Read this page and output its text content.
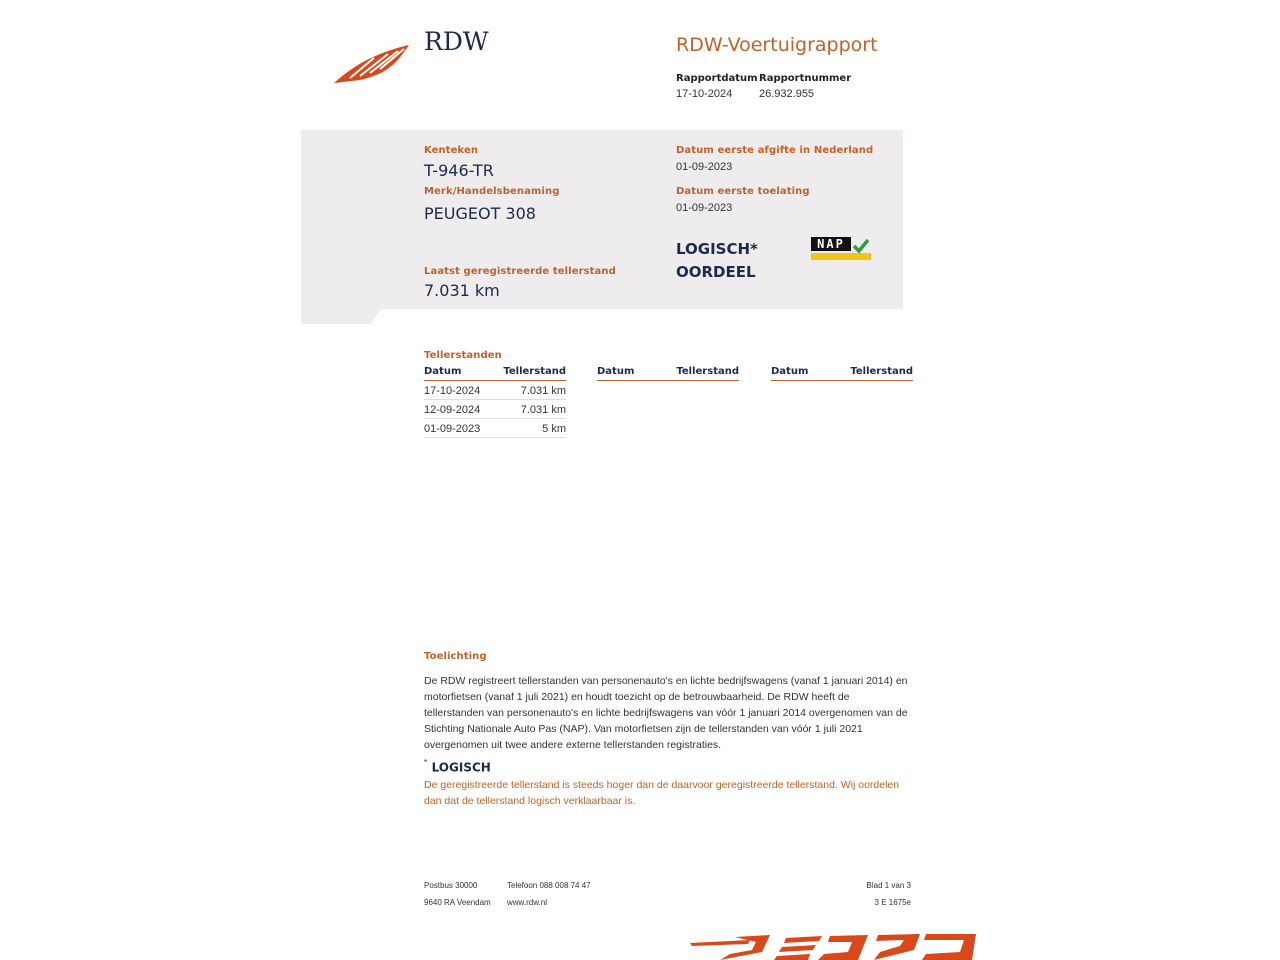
RDW	RDW-Voertuigrapport
Rapportdatum
17-10-2024
Rapportnummer
26.932.955
Kenteken
T-946-TR
Merk/Handelsbenaming
PEUGEOT 308
Laatst geregistreerde tellerstand
7.031 km
Datum eerste afgifte in Nederland
01-09-2023
Datum eerste toelating
01-09-2023
LOGISCH*
OORDEEL
NAP
Tellerstanden
Datum	Tellerstand
17-10-2024	7.031 km
12-09-2024	7.031 km
01-09-2023	5 km
Datum	Tellerstand	Datum	Tellerstand
Toelichting
De RDW registreert tellerstanden van personenauto's en lichte bedrijfswagens (vanaf 1 januari 2014) en motorfietsen (vanaf 1 juli 2021) en houdt toezicht op de betrouwbaarheid. De RDW heeft de tellerstanden van personenauto's en lichte bedrijfswagens van vóór 1 januari 2014 overgenomen van de Stichting Nationale Auto Pas (NAP). Van motorfietsen zijn de tellerstanden van vóór 1 juli 2021 overgenomen uit twee andere externe tellerstanden registraties.
* LOGISCH
De geregistreerde tellerstand is steeds hoger dan de daarvoor geregistreerde tellerstand. Wij oordelen dan dat de tellerstand logisch verklaarbaar is.
Postbus 30000
9640 RA Veendam
Telefoon 088 008 74 47
www.rdw.nl
Blad 1 van 3
3 E 1675e
